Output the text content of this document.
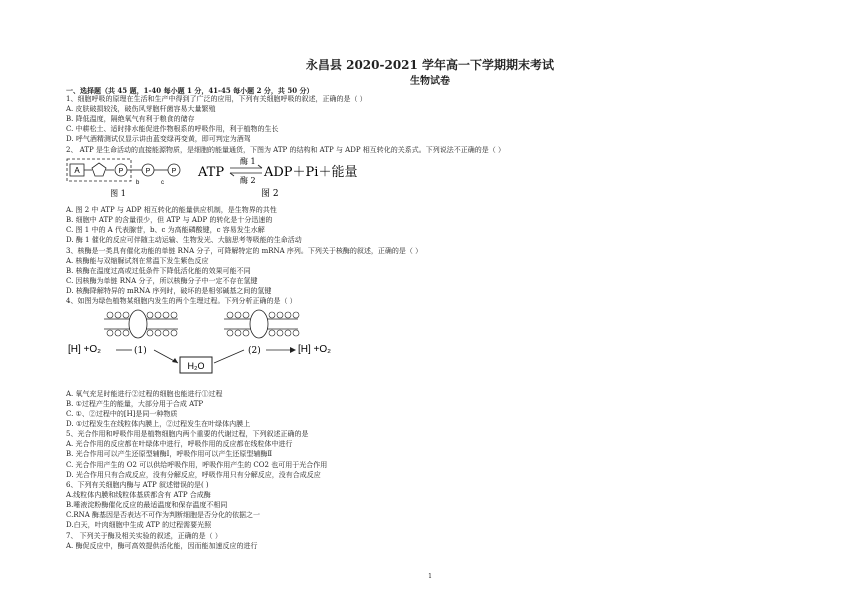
永昌县 2020-2021 学年高一下学期期末考试
生物试卷
一、选择题（共 45 题，1-40 每小题 1 分，41-45 每小题 2 分，共 50 分）
1、细胞呼吸的原理在生活和生产中得到了广泛的应用，下列有关细胞呼吸的叙述，正确的是（ ）
A. 皮肤破损较浅，破伤风芽胞杆菌容易大量繁殖
B. 降低温度，隔绝氧气有利于粮食的储存
C. 中耕松土、适时排水能促进作物根系的呼吸作用，利于植物的生长
D. 呼气酒精测试仪显示讲由蓝变绿再变黄，即可判定为酒驾
2、 ATP 是生命活动的直接能源物质，是细胞的能量通货，下图为 ATP 的结构和 ATP 与 ADP 相互转化的关系式。下列说法不正确的是（ ）
A	P	P	P
b	c
图 1
ATP
酶 1
酶 2
ADP＋Pi＋能量
图 2
A. 图 2 中 ATP 与 ADP 相互转化的能量供应机制，是生物界的共性
B. 细胞中 ATP 的含量很少，但 ATP 与 ADP 的转化是十分迅速的
C. 图 1 中的 A 代表腺苷，b、c 为高能磷酸键，c 容易发生水解
D. 酶 1 催化的反应可伴随主动运输、生物发光、大脑思考等吸能的生命活动
3、核酶是一类具有催化功能的单链 RNA 分子，可降解特定的 mRNA 序列。下列关于核酶的叙述，正确的是（ ）
A. 核酶能与双缩脲试剂在常温下发生紫色反应
B. 核酶在温度过高或过低条件下降低活化能的效果可能不同
C. 因核酶为单链 RNA 分子，所以核酶分子中一定不存在氢键
D. 核酶降解特异的 mRNA 序列时，破坏的是相邻碱基之间的氢键
4、如图为绿色植物某细胞内发生的两个生理过程。下列分析正确的是（ ）
[H] +O₂	(1)
H₂O
(2)	[H] +O₂
A. 氧气充足时能进行②过程的细胞也能进行①过程
B. ①过程产生的能量，大部分用于合成 ATP
C. ①、②过程中的[H]是同一种物质
D. ①过程发生在线粒体内膜上，②过程发生在叶绿体内膜上
5、光合作用和呼吸作用是植物细胞内两个重要的代谢过程，下列叙述正确的是
A. 光合作用的反应都在叶绿体中进行，呼吸作用的反应都在线粒体中进行
B. 光合作用可以产生还原型辅酶Ⅰ，呼吸作用可以产生还原型辅酶Ⅱ
C. 光合作用产生的 O2 可以供给呼吸作用，呼吸作用产生的 CO2 也可用于光合作用
D. 光合作用只有合成反应，没有分解反应，呼吸作用只有分解反应，没有合成反应
6、下列有关细胞内酶与 ATP 叙述错误的是( )
A.线粒体内膜和线粒体基质都含有 ATP 合成酶
B.唾液淀粉酶催化反应的最适温度和保存温度不相同
C.RNA 酶基因是否表达不可作为判断细胞是否分化的依据之一
D.白天，叶肉细胞中生成 ATP 的过程需要光照
7、 下列关于酶及相关实验的叙述，正确的是（ ）
A. 酶促反应中，酶可高效提供活化能，因而能加速反应的进行
1
